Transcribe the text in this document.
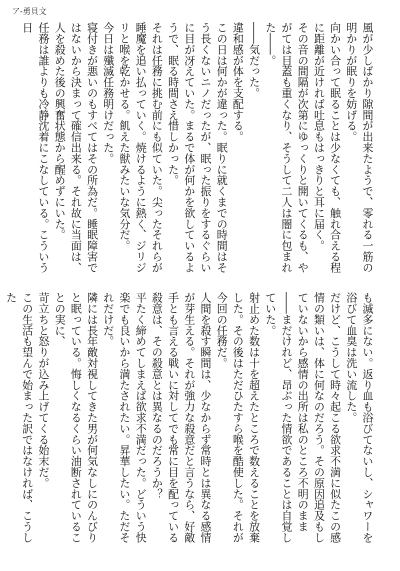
ア-勇貝文

風が少しばかり隙間が出来たようで、零れる一筋の明かりが眠りを妨げる。

向かい合って眠ることは少なくても、触れ合える程に距離が近ければ吐息もはっきりと耳に届く。

その音の間隔が次第にゆっくりと開いてくるも、やがては目蓋も重くなり、そうして二人は闇に包まれた――。

――気だった。

違和感が体を支配する。

この日は何かが違った。眠りに就くまでの時間はそう長くないニノだったが、眠った振りをするぐらいに目が冴えていた。まるで体が何かを欲しているようで、眠る時間さえ惜しかった。

それは任務に挑む前にも似ていた。尖ったそれらが睡魔を追い払っていく。焼けるように熱く、ジリジリと喉を乾かせる。飢えた獣みたいな気分だ。

今日は殲滅任務明けだった。

寝付きが悪いのもすべてはその所為だ。睡眠障害ではないから決まって確信出来る。それ故に当面は、人を殺めた後の興奮状態から醒めずにいた。

任務は誰よりも冷静沈着にこなしている。こういう日

も滅多にない。返り血も浴びてないし、シャワーを浴びて血臭は洗い流した。

だけど、こうして時々起こる欲求不満に似たこの感情の類いは、体に何なのだろう。その原因追及もしていないから感情の出所は私のところ不明のまま――まだけれど、昂ぶった情欲であることは自覚していた。

射止めた数は十を超えたところで数えることを放棄した。その後はただひたすら喉を酷使した。それが今回の任務だ。

人間を殺す瞬間は、少なからず常時とは異なる感情が芽生える。それが強力な殺意だと言うなら、好敵手とも言える戦いに対してでも常に目を配っている殺意は、その殺意とは異なるのだろうか？

平たく締めてしまえば欲求不満だった。どういう快楽でも良いから満たされたい。昇華したい。ただそれだけだ。

隣には長年敵対視してきた男が何気なしにのんびりと眠っている。悔しくなるくらい油断されていることの実に、

苛立ちと怒りが込み上げてくる始末だ。

この生活も望んで始まった訳ではなければ、こうした
